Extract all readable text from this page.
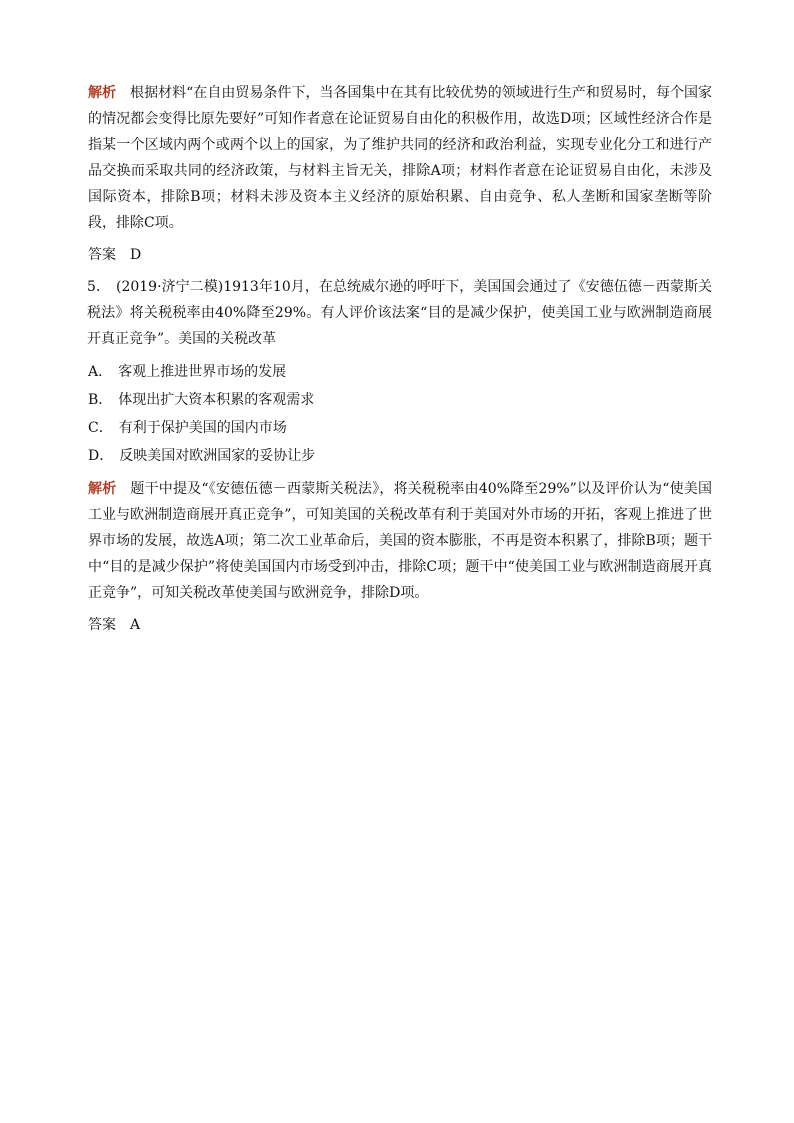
解析 根据材料“在自由贸易条件下，当各国集中在其有比较优势的领域进行生产和贸易时，每个国家的情况都会变得比原先要好”可知作者意在论证贸易自由化的积极作用，故选D项；区域性经济合作是指某一个区域内两个或两个以上的国家，为了维护共同的经济和政治利益，实现专业化分工和进行产品交换而采取共同的经济政策，与材料主旨无关，排除A项；材料作者意在论证贸易自由化，未涉及国际资本，排除B项；材料未涉及资本主义经济的原始积累、自由竞争、私人垄断和国家垄断等阶段，排除C项。

答案 D

5． (2019·济宁二模)1913年10月，在总统威尔逊的呼吁下，美国国会通过了《安德伍德－西蒙斯关税法》将关税税率由40%降至29%。有人评价该法案“目的是减少保护，使美国工业与欧洲制造商展开真正竞争”。美国的关税改革

A． 客观上推进世界市场的发展

B． 体现出扩大资本积累的客观需求

C． 有利于保护美国的国内市场

D． 反映美国对欧洲国家的妥协让步

解析 题干中提及“《安德伍德－西蒙斯关税法》，将关税税率由40%降至29%”以及评价认为“使美国工业与欧洲制造商展开真正竞争”，可知美国的关税改革有利于美国对外市场的开拓，客观上推进了世界市场的发展，故选A项；第二次工业革命后，美国的资本膨胀，不再是资本积累了，排除B项；题干中“目的是减少保护”将使美国国内市场受到冲击，排除C项；题干中“使美国工业与欧洲制造商展开真正竞争”，可知关税改革使美国与欧洲竞争，排除D项。

答案 A
